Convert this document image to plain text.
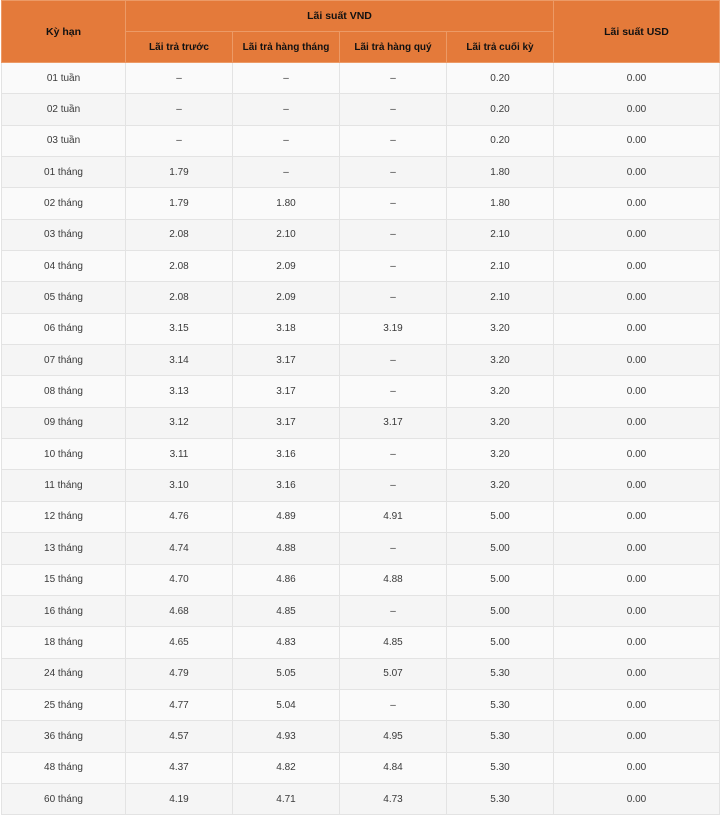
Kỳ hạn	Lãi suất VND				Lãi suất USD
	Lãi trả trước	Lãi trả hàng tháng	Lãi trả hàng quý	Lãi trả cuối kỳ	
01 tuần	–	–	–	0.20	0.00
02 tuần	–	–	–	0.20	0.00
03 tuần	–	–	–	0.20	0.00
01 tháng	1.79	–	–	1.80	0.00
02 tháng	1.79	1.80	–	1.80	0.00
03 tháng	2.08	2.10	–	2.10	0.00
04 tháng	2.08	2.09	–	2.10	0.00
05 tháng	2.08	2.09	–	2.10	0.00
06 tháng	3.15	3.18	3.19	3.20	0.00
07 tháng	3.14	3.17	–	3.20	0.00
08 tháng	3.13	3.17	–	3.20	0.00
09 tháng	3.12	3.17	3.17	3.20	0.00
10 tháng	3.11	3.16	–	3.20	0.00
11 tháng	3.10	3.16	–	3.20	0.00
12 tháng	4.76	4.89	4.91	5.00	0.00
13 tháng	4.74	4.88	–	5.00	0.00
15 tháng	4.70	4.86	4.88	5.00	0.00
16 tháng	4.68	4.85	–	5.00	0.00
18 tháng	4.65	4.83	4.85	5.00	0.00
24 tháng	4.79	5.05	5.07	5.30	0.00
25 tháng	4.77	5.04	–	5.30	0.00
36 tháng	4.57	4.93	4.95	5.30	0.00
48 tháng	4.37	4.82	4.84	5.30	0.00
60 tháng	4.19	4.71	4.73	5.30	0.00
